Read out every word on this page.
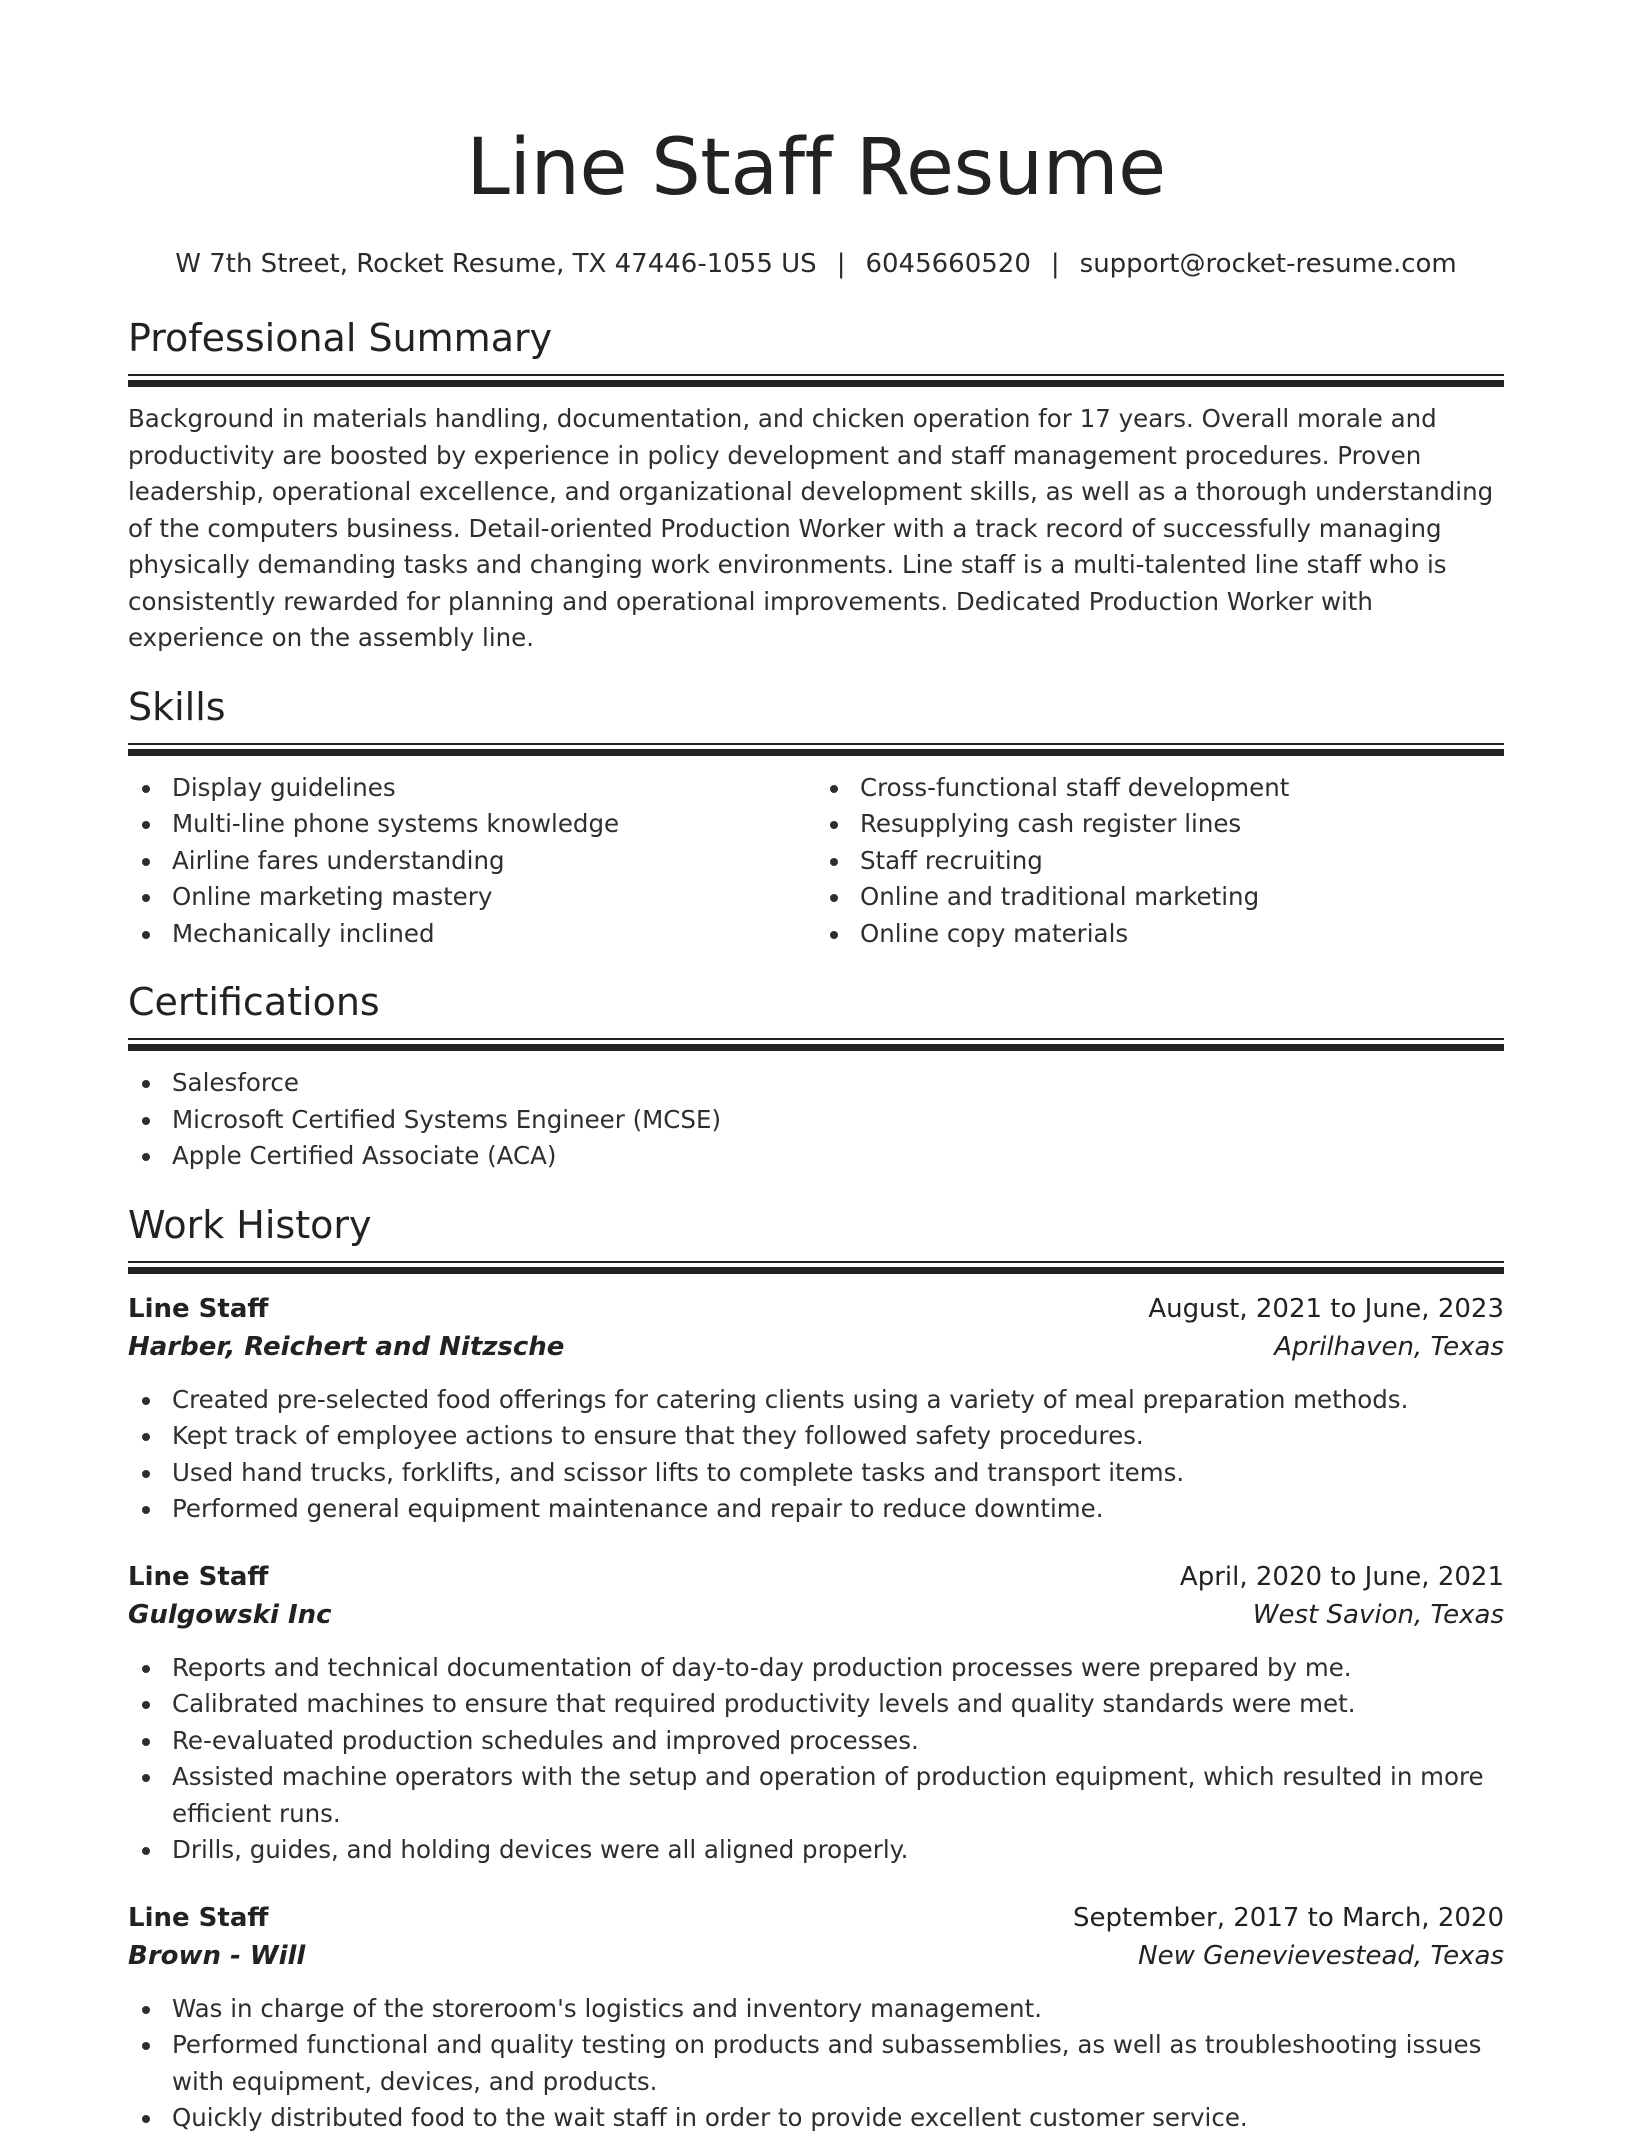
Line Staff Resume
W 7th Street, Rocket Resume, TX 47446-1055 US | 6045660520 | support@rocket-resume.com
Professional Summary
Background in materials handling, documentation, and chicken operation for 17 years. Overall morale and productivity are boosted by experience in policy development and staff management procedures. Proven leadership, operational excellence, and organizational development skills, as well as a thorough understanding of the computers business. Detail-oriented Production Worker with a track record of successfully managing physically demanding tasks and changing work environments. Line staff is a multi-talented line staff who is consistently rewarded for planning and operational improvements. Dedicated Production Worker with experience on the assembly line.
Skills
Display guidelines
Multi-line phone systems knowledge
Airline fares understanding
Online marketing mastery
Mechanically inclined
Cross-functional staff development
Resupplying cash register lines
Staff recruiting
Online and traditional marketing
Online copy materials
Certifications
Salesforce
Microsoft Certified Systems Engineer (MCSE)
Apple Certified Associate (ACA)
Work History
Line Staff	August, 2021 to June, 2023
Harber, Reichert and Nitzsche	Aprilhaven, Texas
Created pre-selected food offerings for catering clients using a variety of meal preparation methods.
Kept track of employee actions to ensure that they followed safety procedures.
Used hand trucks, forklifts, and scissor lifts to complete tasks and transport items.
Performed general equipment maintenance and repair to reduce downtime.
Line Staff	April, 2020 to June, 2021
Gulgowski Inc	West Savion, Texas
Reports and technical documentation of day-to-day production processes were prepared by me.
Calibrated machines to ensure that required productivity levels and quality standards were met.
Re-evaluated production schedules and improved processes.
Assisted machine operators with the setup and operation of production equipment, which resulted in more efficient runs.
Drills, guides, and holding devices were all aligned properly.
Line Staff	September, 2017 to March, 2020
Brown - Will	New Genevievestead, Texas
Was in charge of the storeroom's logistics and inventory management.
Performed functional and quality testing on products and subassemblies, as well as troubleshooting issues with equipment, devices, and products.
Quickly distributed food to the wait staff in order to provide excellent customer service.
